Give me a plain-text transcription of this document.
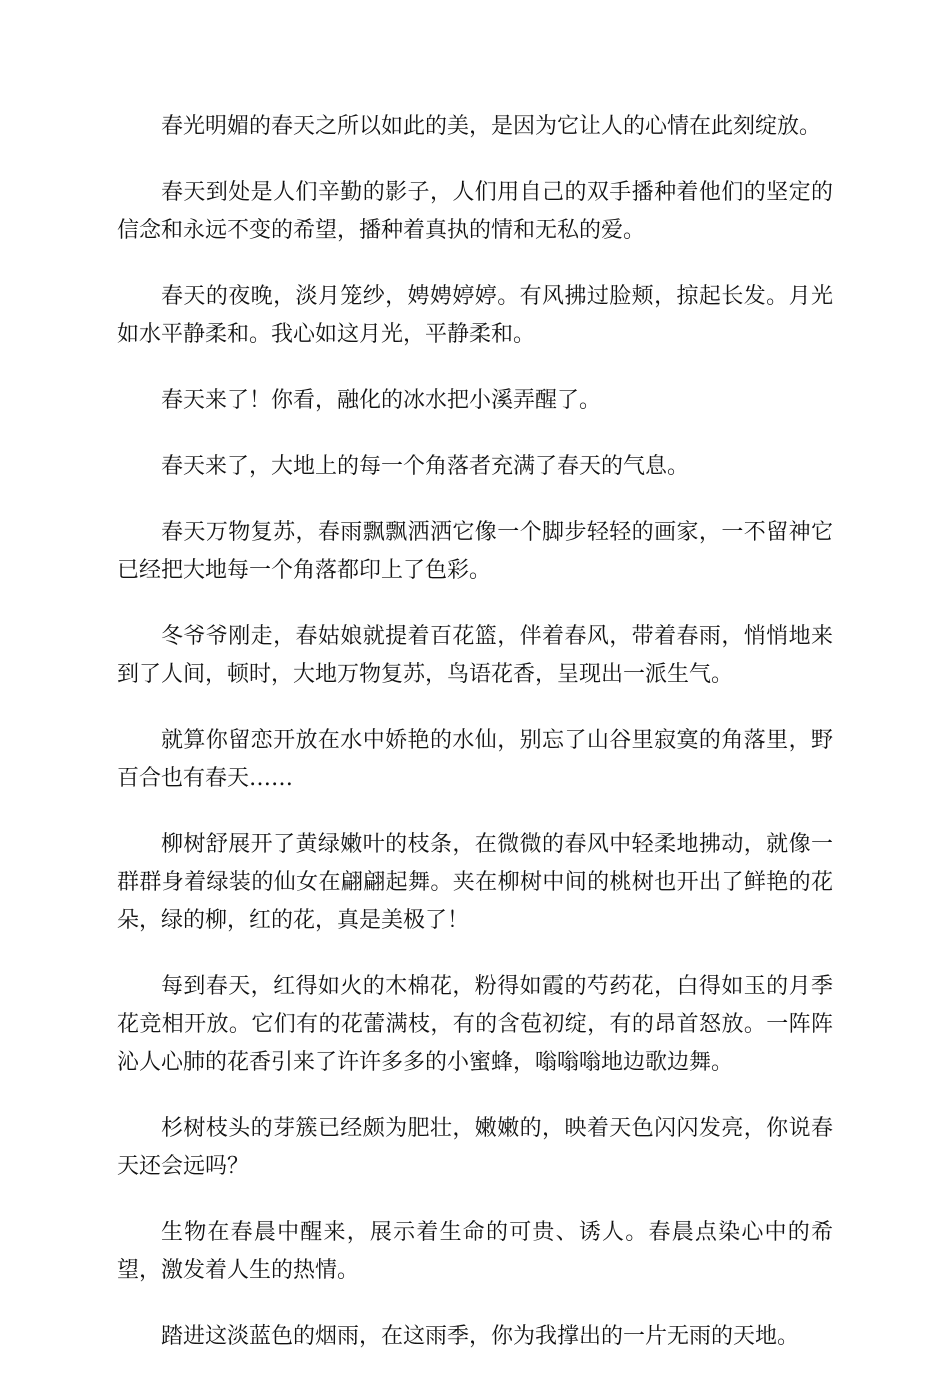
春光明媚的春天之所以如此的美，是因为它让人的心情在此刻绽放。

春天到处是人们辛勤的影子，人们用自己的双手播种着他们的坚定的信念和永远不变的希望，播种着真执的情和无私的爱。

春天的夜晚，淡月笼纱，娉娉婷婷。有风拂过脸颊，掠起长发。月光如水平静柔和。我心如这月光，平静柔和。

春天来了！你看，融化的冰水把小溪弄醒了。

春天来了，大地上的每一个角落者充满了春天的气息。

春天万物复苏，春雨飘飘洒洒它像一个脚步轻轻的画家，一不留神它已经把大地每一个角落都印上了色彩。

冬爷爷刚走，春姑娘就提着百花篮，伴着春风，带着春雨，悄悄地来到了人间，顿时，大地万物复苏，鸟语花香，呈现出一派生气。

就算你留恋开放在水中娇艳的水仙，别忘了山谷里寂寞的角落里，野百合也有春天……

柳树舒展开了黄绿嫩叶的枝条，在微微的春风中轻柔地拂动，就像一群群身着绿装的仙女在翩翩起舞。夹在柳树中间的桃树也开出了鲜艳的花朵，绿的柳，红的花，真是美极了！

每到春天，红得如火的木棉花，粉得如霞的芍药花，白得如玉的月季花竞相开放。它们有的花蕾满枝，有的含苞初绽，有的昂首怒放。一阵阵沁人心肺的花香引来了许许多多的小蜜蜂，嗡嗡嗡地边歌边舞。

杉树枝头的芽簇已经颇为肥壮，嫩嫩的，映着天色闪闪发亮，你说春天还会远吗？

生物在春晨中醒来，展示着生命的可贵、诱人。春晨点染心中的希望，激发着人生的热情。

踏进这淡蓝色的烟雨，在这雨季，你为我撑出的一片无雨的天地。
